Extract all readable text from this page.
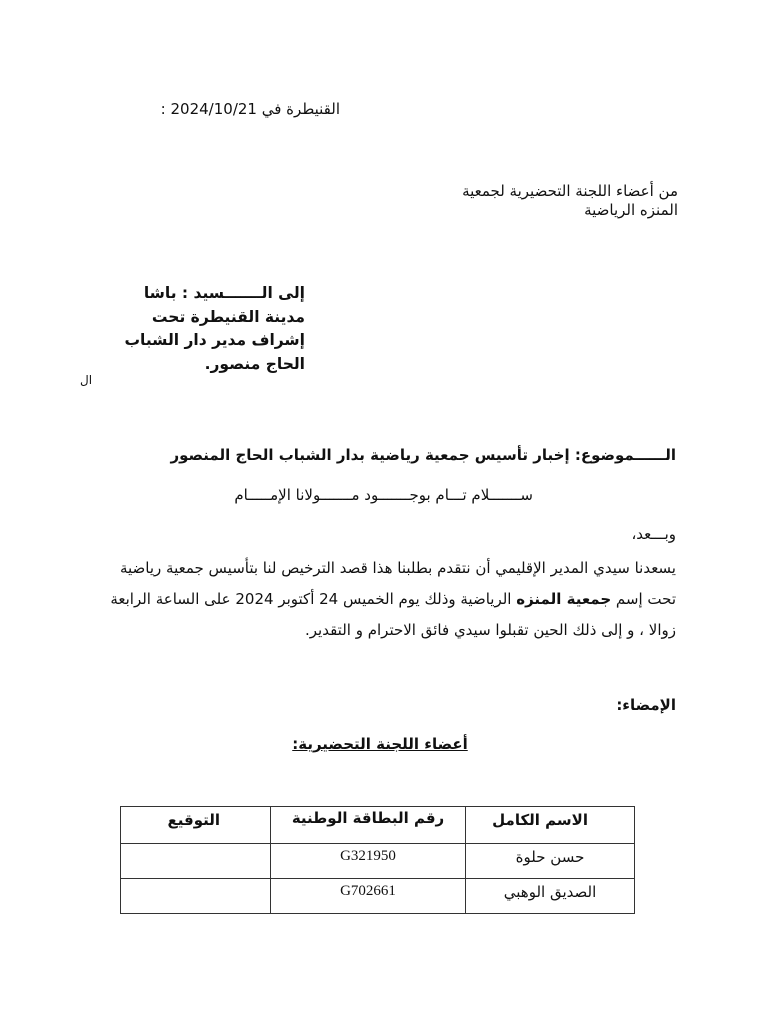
القنيطرة في 2024/10/21 :
من أعضاء اللجنة التحضيرية لجمعية
المنزه الرياضية
إلى الـــــــسيد : باشا مدينة القنيطرة تحت إشراف مدير دار الشباب الحاج منصور.
ال
الــــــموضوع: إخبار تأسيس جمعية رياضية بدار الشباب الحاج المنصور
ســـــــلام تـــام بوجـــــــود مـــــــولانا الإمـــــام
وبـــعد،
يسعدنا سيدي المدير الإقليمي أن نتقدم بطلبنا هذا قصد الترخيص لنا بتأسيس جمعية رياضية تحت إسم جمعية المنزه الرياضية وذلك يوم الخميس 24 أكتوبر 2024 على الساعة الرابعة زوالا ، و إلى ذلك الحين تقبلوا سيدي فائق الاحترام و التقدير.
الإمضاء:
أعضاء اللجنة التحضيرية:
الاسم الكامل	رقم البطاقة الوطنية	التوقيع

حسن حلوة	G321950	

الصديق الوهبي	G702661	
